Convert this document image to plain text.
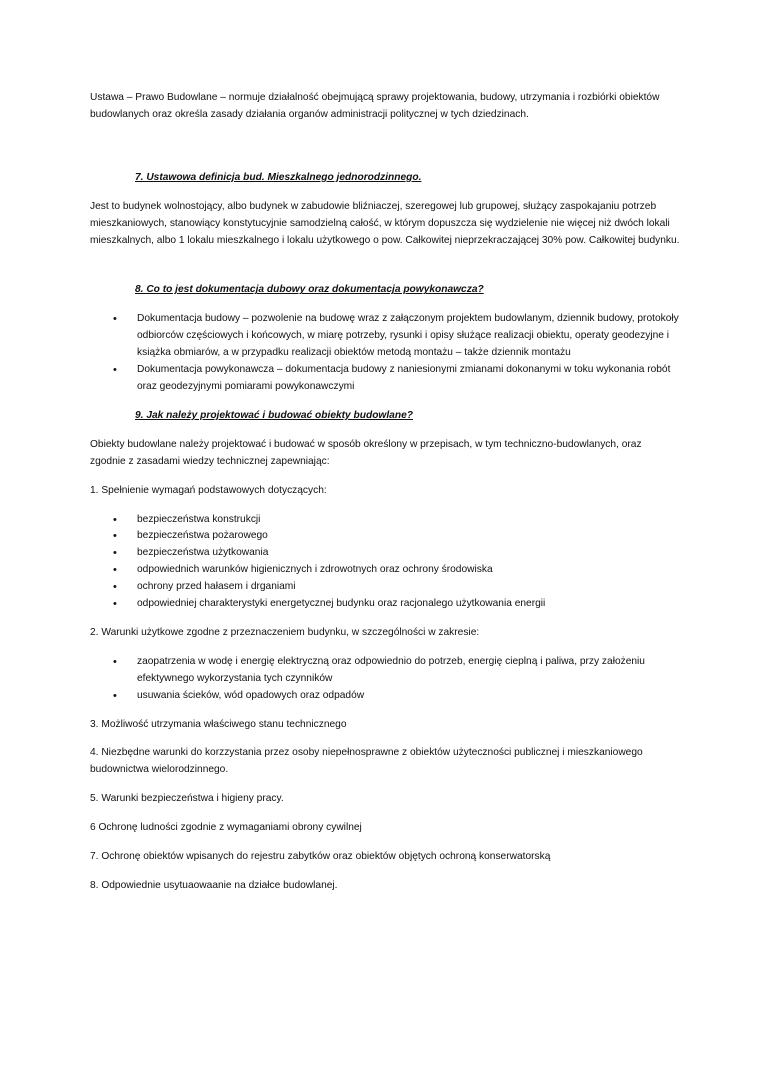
Ustawa – Prawo Budowlane – normuje działalność obejmującą sprawy projektowania, budowy, utrzymania i rozbiórki obiektów budowlanych oraz określa zasady działania organów administracji politycznej w tych dziedzinach.

7. Ustawowa definicja bud. Mieszkalnego jednorodzinnego.

Jest to budynek wolnostojący, albo budynek w zabudowie bliźniaczej, szeregowej lub grupowej, służący zaspokajaniu potrzeb mieszkaniowych, stanowiący konstytucyjnie samodzielną całość, w którym dopuszcza się wydzielenie nie więcej niż dwóch lokali mieszkalnych, albo 1 lokalu mieszkalnego i lokalu użytkowego o pow. Całkowitej nieprzekraczającej 30% pow. Całkowitej budynku.

8. Co to jest dokumentacja dubowy oraz dokumentacja powykonawcza?

• Dokumentacja budowy – pozwolenie na budowę wraz z załączonym projektem budowlanym, dziennik budowy, protokoły odbiorców częściowych i końcowych, w miarę potrzeby, rysunki i opisy służące realizacji obiektu, operaty geodezyjne i książka obmiarów, a w przypadku realizacji obiektów metodą montażu – także dziennik montażu
• Dokumentacja powykonawcza – dokumentacja budowy z naniesionymi zmianami dokonanymi w toku wykonania robót oraz geodezyjnymi pomiarami powykonawczymi

9. Jak należy projektować i budować obiekty budowlane?

Obiekty budowlane należy projektować i budować w sposób określony w przepisach, w tym techniczno-budowlanych, oraz zgodnie z zasadami wiedzy technicznej zapewniając:

1. Spełnienie wymagań podstawowych dotyczących:

• bezpieczeństwa konstrukcji
• bezpieczeństwa pożarowego
• bezpieczeństwa użytkowania
• odpowiednich warunków higienicznych i zdrowotnych oraz ochrony środowiska
• ochrony przed hałasem i drganiami
• odpowiedniej charakterystyki energetycznej budynku oraz racjonalego użytkowania energii

2. Warunki użytkowe zgodne z przeznaczeniem budynku, w szczególności w zakresie:

• zaopatrzenia w wodę i energię elektryczną oraz odpowiednio do potrzeb, energię cieplną i paliwa, przy założeniu efektywnego wykorzystania tych czynników
• usuwania ścieków, wód opadowych oraz odpadów

3. Możliwość utrzymania właściwego stanu technicznego

4. Niezbędne warunki do korzzystania przez osoby niepełnosprawne z obiektów użyteczności publicznej i mieszkaniowego budownictwa wielorodzinnego.

5. Warunki bezpieczeństwa i higieny pracy.

6 Ochronę ludności zgodnie z wymaganiami obrony cywilnej

7. Ochronę obiektów wpisanych do rejestru zabytków oraz obiektów objętych ochroną konserwatorską

8. Odpowiednie usytuaowaanie na działce budowlanej.
